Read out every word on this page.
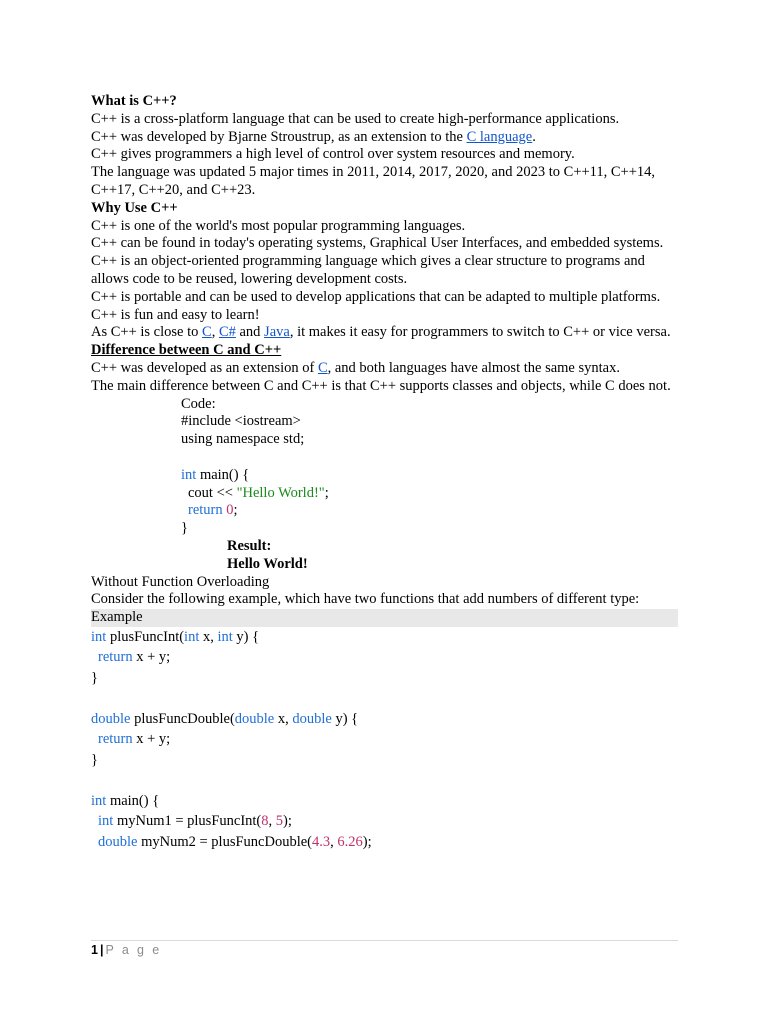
What is C++?
C++ is a cross-platform language that can be used to create high-performance applications.
C++ was developed by Bjarne Stroustrup, as an extension to the C language.
C++ gives programmers a high level of control over system resources and memory.
The language was updated 5 major times in 2011, 2014, 2017, 2020, and 2023 to C++11, C++14, C++17, C++20, and C++23.
Why Use C++
C++ is one of the world's most popular programming languages.
C++ can be found in today's operating systems, Graphical User Interfaces, and embedded systems.
C++ is an object-oriented programming language which gives a clear structure to programs and allows code to be reused, lowering development costs.
C++ is portable and can be used to develop applications that can be adapted to multiple platforms.
C++ is fun and easy to learn!
As C++ is close to C, C# and Java, it makes it easy for programmers to switch to C++ or vice versa.
Difference between C and C++
C++ was developed as an extension of C, and both languages have almost the same syntax.
The main difference between C and C++ is that C++ supports classes and objects, while C does not.
Code:
#include <iostream>
using namespace std;
int main() {
cout << "Hello World!";
return 0;
}
Result:
Hello World!
Without Function Overloading
Consider the following example, which have two functions that add numbers of different type:
Example
int plusFuncInt(int x, int y) {
return x + y;
}
double plusFuncDouble(double x, double y) {
return x + y;
}
int main() {
int myNum1 = plusFuncInt(8, 5);
double myNum2 = plusFuncDouble(4.3, 6.26);
1 | P a g e
